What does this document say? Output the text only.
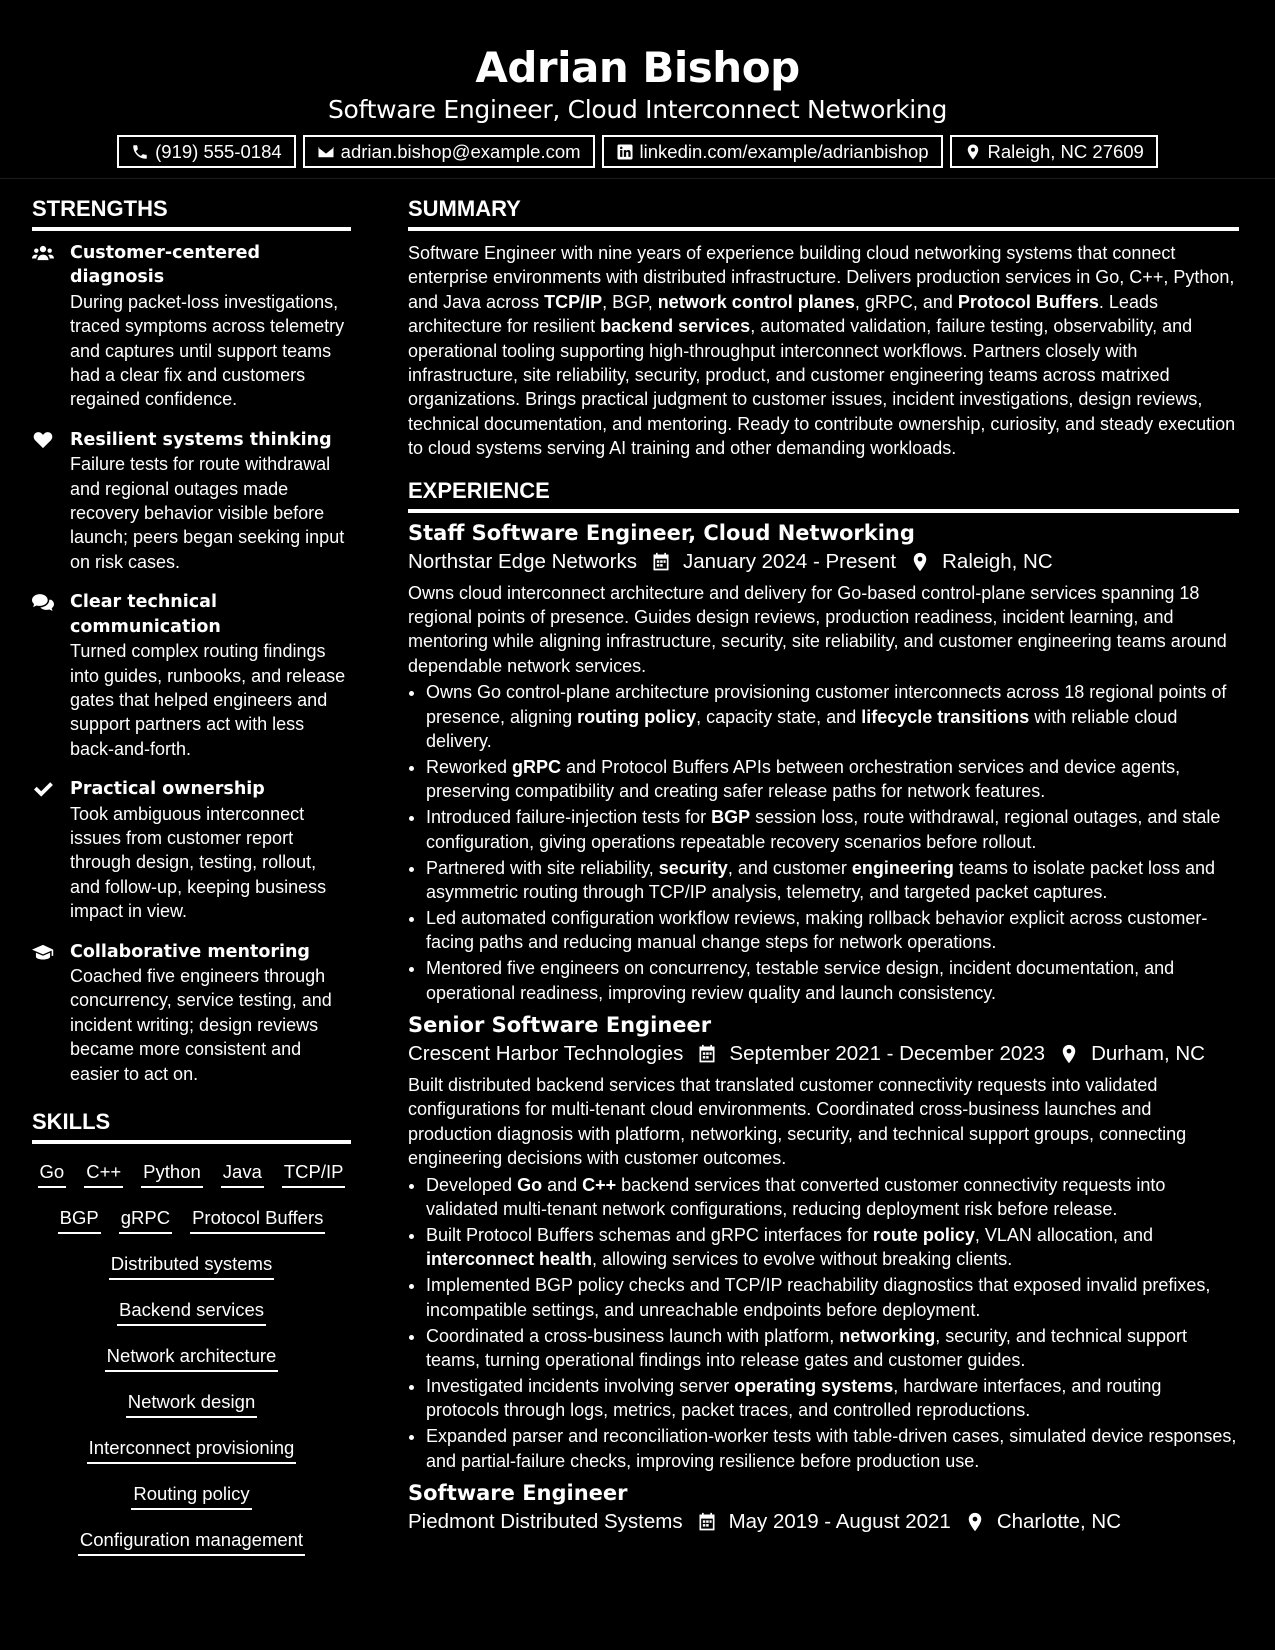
Adrian Bishop
Software Engineer, Cloud Interconnect Networking
(919) 555-0184	adrian.bishop@example.com	linkedin.com/example/adrianbishop	Raleigh, NC 27609
STRENGTHS
Customer-centered diagnosis
During packet-loss investigations, traced symptoms across telemetry and captures until support teams had a clear fix and customers regained confidence.
Resilient systems thinking
Failure tests for route withdrawal and regional outages made recovery behavior visible before launch; peers began seeking input on risk cases.
Clear technical communication
Turned complex routing findings into guides, runbooks, and release gates that helped engineers and support partners act with less back-and-forth.
Practical ownership
Took ambiguous interconnect issues from customer report through design, testing, rollout, and follow-up, keeping business impact in view.
Collaborative mentoring
Coached five engineers through concurrency, service testing, and incident writing; design reviews became more consistent and easier to act on.
SKILLS
Go C++ Python Java TCP/IP
BGP gRPC Protocol Buffers
Distributed systems
Backend services
Network architecture
Network design
Interconnect provisioning
Routing policy
Configuration management
SUMMARY

Software Engineer with nine years of experience building cloud networking systems that connect enterprise environments with distributed infrastructure. Delivers production services in Go, C++, Python, and Java across TCP/IP, BGP, network control planes, gRPC, and Protocol Buffers. Leads architecture for resilient backend services, automated validation, failure testing, observability, and operational tooling supporting high-throughput interconnect workflows. Partners closely with infrastructure, site reliability, security, product, and customer engineering teams across matrixed organizations. Brings practical judgment to customer issues, incident investigations, design reviews, technical documentation, and mentoring. Ready to contribute ownership, curiosity, and steady execution to cloud systems serving AI training and other demanding workloads.

EXPERIENCE
Staff Software Engineer, Cloud Networking
Northstar Edge Networks January 2024 - Present Raleigh, NC

Owns cloud interconnect architecture and delivery for Go-based control-plane services spanning 18 regional points of presence. Guides design reviews, production readiness, incident learning, and mentoring while aligning infrastructure, security, site reliability, and customer engineering teams around dependable network services.

• Owns Go control-plane architecture provisioning customer interconnects across 18 regional points of presence, aligning routing policy, capacity state, and lifecycle transitions with reliable cloud delivery.
• Reworked gRPC and Protocol Buffers APIs between orchestration services and device agents, preserving compatibility and creating safer release paths for network features.
• Introduced failure-injection tests for BGP session loss, route withdrawal, regional outages, and stale configuration, giving operations repeatable recovery scenarios before rollout.
• Partnered with site reliability, security, and customer engineering teams to isolate packet loss and asymmetric routing through TCP/IP analysis, telemetry, and targeted packet captures.
• Led automated configuration workflow reviews, making rollback behavior explicit across customer-facing paths and reducing manual change steps for network operations.
• Mentored five engineers on concurrency, testable service design, incident documentation, and operational readiness, improving review quality and launch consistency.
Senior Software Engineer
Crescent Harbor Technologies September 2021 - December 2023 Durham, NC

Built distributed backend services that translated customer connectivity requests into validated configurations for multi-tenant cloud environments. Coordinated cross-business launches and production diagnosis with platform, networking, security, and technical support groups, connecting engineering decisions with customer outcomes.

• Developed Go and C++ backend services that converted customer connectivity requests into validated multi-tenant network configurations, reducing deployment risk before release.
• Built Protocol Buffers schemas and gRPC interfaces for route policy, VLAN allocation, and interconnect health, allowing services to evolve without breaking clients.
• Implemented BGP policy checks and TCP/IP reachability diagnostics that exposed invalid prefixes, incompatible settings, and unreachable endpoints before deployment.
• Coordinated a cross-business launch with platform, networking, security, and technical support teams, turning operational findings into release gates and customer guides.
• Investigated incidents involving server operating systems, hardware interfaces, and routing protocols through logs, metrics, packet traces, and controlled reproductions.
• Expanded parser and reconciliation-worker tests with table-driven cases, simulated device responses, and partial-failure checks, improving resilience before production use.
Software Engineer
Piedmont Distributed Systems May 2019 - August 2021 Charlotte, NC
